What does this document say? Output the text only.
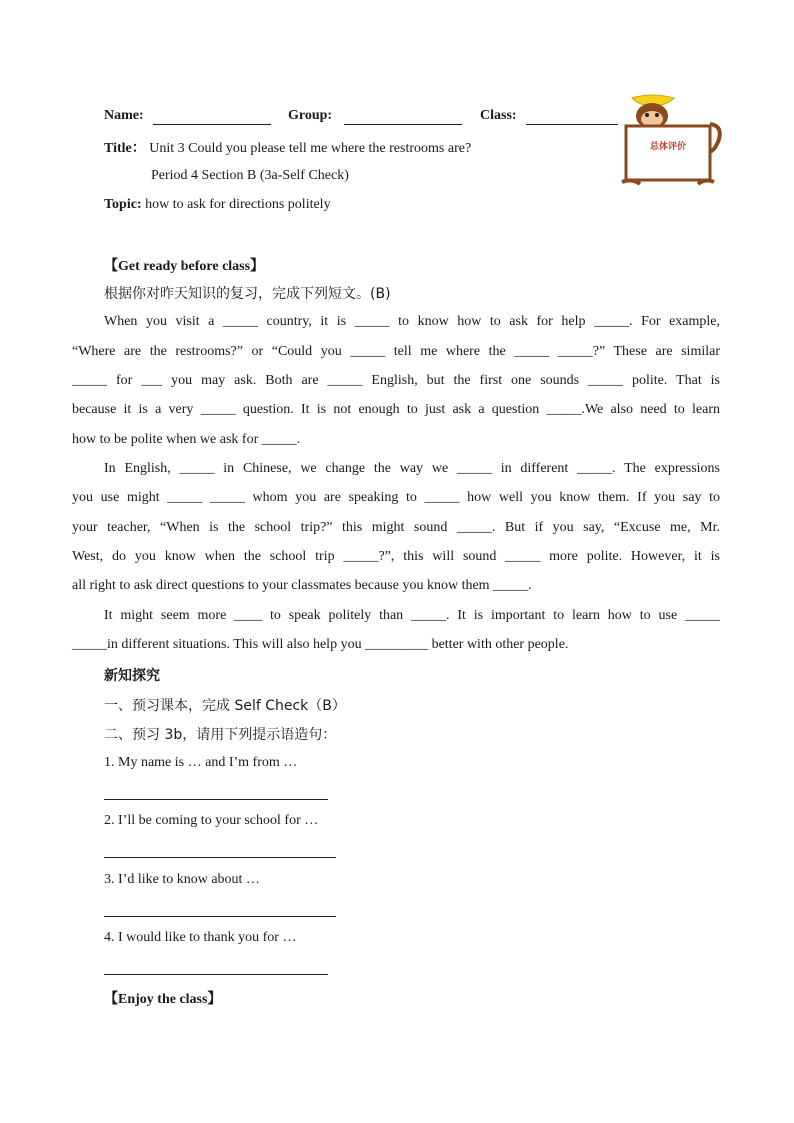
Name:	Group:	Class:
总体评价
Title： Unit 3 Could you please tell me where the restrooms are?
Period 4 Section B (3a-Self Check)
Topic: how to ask for directions politely
【Get ready before class】
根据你对昨天知识的复习，完成下列短文。(B)
When you visit a _____ country, it is _____ to know how to ask for help _____. For example,
“Where are the restrooms?” or “Could you _____ tell me where the _____ _____?” These are similar
_____ for ___ you may ask. Both are _____ English, but the first one sounds _____ polite. That is
because it is a very _____ question. It is not enough to just ask a question _____.We also need to learn
how to be polite when we ask for _____.
In English, _____ in Chinese, we change the way we _____ in different _____. The expressions
you use might _____ _____ whom you are speaking to _____ how well you know them. If you say to
your teacher, “When is the school trip?” this might sound _____. But if you say, “Excuse me, Mr.
West, do you know when the school trip _____?”, this will sound _____ more polite. However, it is
all right to ask direct questions to your classmates because you know them _____.
It might seem more ____ to speak politely than _____. It is important to learn how to use _____
_____in different situations. This will also help you _________ better with other people.
新知探究
一、预习课本，完成 Self Check（B）
二、预习 3b，请用下列提示语造句：
1. My name is … and I’m from …
2. I’ll be coming to your school for …
3. I’d like to know about …
4. I would like to thank you for …
【Enjoy the class】
